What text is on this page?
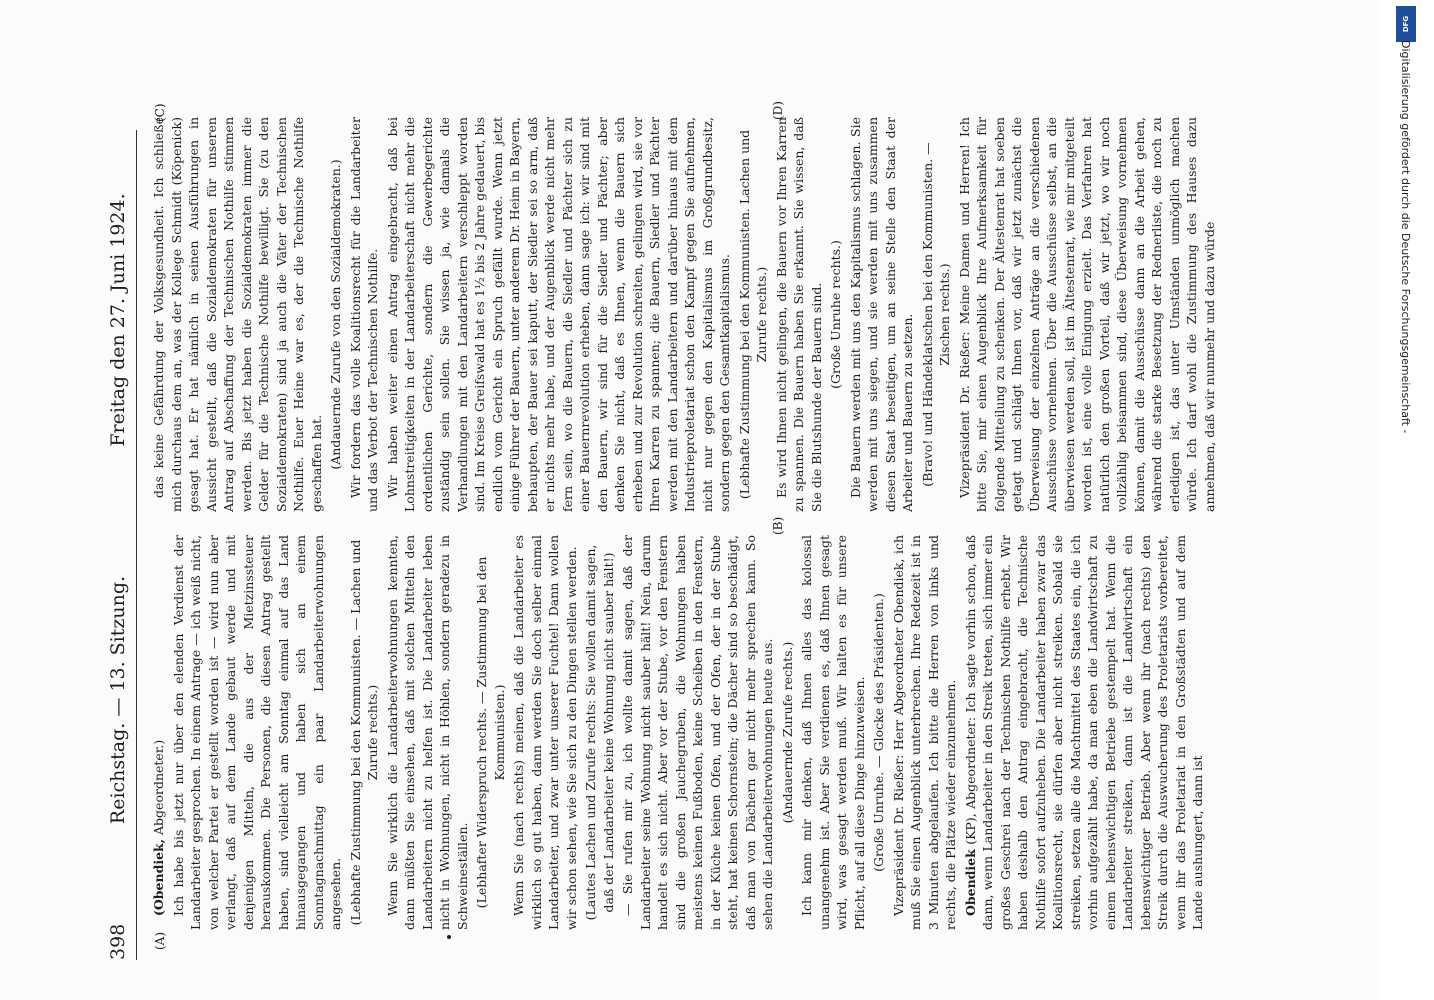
398
Reichstag. — 13. Sitzung.
Freitag den 27. Juni 1924.
(A)
(B)
(C)	(D)

(Obendiek, Abgeordneter.) Ich habe bis jetzt nur über den elenden Verdienst der Landarbeiter gesprochen. In einem Antrage — ich weiß nicht, von welcher Partei er gestellt worden ist — wird nun aber verlangt, daß auf dem Lande gebaut werde und mit denjenigen Mitteln, die aus der Mietzinssteuer herauskommen. Die Personen, die diesen Antrag gestellt haben, sind vielleicht am Sonntag einmal auf das Land hinausgegangen und haben sich an einem Sonntagnachmittag ein paar Landarbeiterwohnungen angesehen. (Lebhafte Zustimmung bei den Kommunisten. — Lachen und Zurufe rechts.) Wenn Sie wirklich die Landarbeiterwohnungen kennten, dann müßten Sie einsehen, daß mit solchen Mitteln den Landarbeitern nicht zu helfen ist. Die Landarbeiter leben nicht in Wohnungen, nicht in Höhlen, sondern geradezu in Schweineställen. (Lebhafter Widerspruch rechts. — Zustimmung bei den Kommunisten.) Wenn Sie (nach rechts) meinen, daß die Landarbeiter es wirklich so gut haben, dann werden Sie doch selber einmal Landarbeiter, und zwar unter unserer Fuchtel! Dann wollen wir schon sehen, wie Sie sich zu den Dingen stellen werden. (Lautes Lachen und Zurufe rechts: Sie wollen damit sagen, daß der Landarbeiter keine Wohnung nicht sauber hält!) — Sie rufen mir zu, ich wollte damit sagen, daß der Landarbeiter seine Wohnung nicht sauber hält! Nein, darum handelt es sich nicht. Aber vor der Stube, vor den Fenstern sind die großen Jauchegruben, die Wohnungen haben meistens keinen Fußboden, keine Scheiben in den Fenstern, in der Küche keinen Ofen, und der Ofen, der in der Stube steht, hat keinen Schornstein; die Dächer sind so beschädigt, daß man von Dächern gar nicht mehr sprechen kann. So sehen die Landarbeiterwohnungen heute aus. (Andauernde Zurufe rechts.) Ich kann mir denken, daß Ihnen alles das kolossal unangenehm ist. Aber Sie verdienen es, daß Ihnen gesagt wird, was gesagt werden muß. Wir halten es für unsere Pflicht, auf all diese Dinge hinzuweisen. (Große Unruhe. — Glocke des Präsidenten.) Vizepräsident Dr. Rießer: Herr Abgeordneter Obendiek, ich muß Sie einen Augenblick unterbrechen. Ihre Redezeit ist in 3 Minuten abgelaufen. Ich bitte die Herren von links und rechts, die Plätze wieder einzunehmen. Obendiek (KP), Abgeordneter: Ich sagte vorhin schon, daß dann, wenn Landarbeiter in den Streik treten, sich immer ein großes Geschrei nach der Technischen Nothilfe erhebt. Wir haben deshalb den Antrag eingebracht, die Technische Nothilfe sofort aufzuheben. Die Landarbeiter haben zwar das Koalitionsrecht, sie dürfen aber nicht streiken. Sobald sie streiken, setzen alle die Machtmittel des Staates ein, die ich vorhin aufgezählt habe, da man eben die Landwirtschaft zu einem lebenswichtigen Betriebe gestempelt hat. Wenn die Landarbeiter streiken, dann ist die Landwirtschaft ein lebenswichtiger Betrieb. Aber wenn ihr (nach rechts) den Streik durch die Auswucherung des Proletariats vorbereitet, wenn ihr das Proletariat in den Großstädten und auf dem Lande aushungert, dann ist

das keine Gefährdung der Volksgesundheit. Ich schließe mich durchaus dem an, was der Kollege Schmidt (Köpenick) gesagt hat. Er hat nämlich in seinen Ausführungen in Aussicht gestellt, daß die Sozialdemokraten für unseren Antrag auf Abschaffung der Technischen Nothilfe stimmen werden. Bis jetzt haben die Sozialdemokraten immer die Gelder für die Technische Nothilfe bewilligt. Sie (zu den Sozialdemokraten) sind ja auch die Väter der Technischen Nothilfe. Euer Heine war es, der die Technische Nothilfe geschaffen hat. (Andauernde Zurufe von den Sozialdemokraten.) Wir fordern das volle Koalitionsrecht für die Landarbeiter und das Verbot der Technischen Nothilfe. Wir haben weiter einen Antrag eingebracht, daß bei Lohnstreitigkeiten in der Landarbeiterschaft nicht mehr die ordentlichen Gerichte, sondern die Gewerbegerichte zuständig sein sollen. Sie wissen ja, wie damals die Verhandlungen mit den Landarbeitern verschleppt worden sind. Im Kreise Greifswald hat es 1½ bis 2 Jahre gedauert, bis endlich vom Gericht ein Spruch gefällt wurde. Wenn jetzt einige Führer der Bauern, unter anderem Dr. Heim in Bayern, behaupten, der Bauer sei kaputt, der Siedler sei so arm, daß er nichts mehr habe, und der Augenblick werde nicht mehr fern sein, wo die Bauern, die Siedler und Pächter sich zu einer Bauernrevolution erheben, dann sage ich: wir sind mit den Bauern, wir sind für die Siedler und Pächter; aber denken Sie nicht, daß es Ihnen, wenn die Bauern sich erheben und zur Revolution schreiten, gelingen wird, sie vor Ihren Karren zu spannen; die Bauern, Siedler und Pächter werden mit den Landarbeitern und darüber hinaus mit dem Industrieproletariat schon den Kampf gegen Sie aufnehmen, nicht nur gegen den Kapitalismus im Großgrundbesitz, sondern gegen den Gesamtkapitalismus. (Lebhafte Zustimmung bei den Kommunisten. Lachen und Zurufe rechts.) Es wird Ihnen nicht gelingen, die Bauern vor Ihren Karren zu spannen. Die Bauern haben Sie erkannt. Sie wissen, daß Sie die Blutshunde der Bauern sind. (Große Unruhe rechts.) Die Bauern werden mit uns den Kapitalismus schlagen. Sie werden mit uns siegen, und sie werden mit uns zusammen diesen Staat beseitigen, um an seine Stelle den Staat der Arbeiter und Bauern zu setzen. (Bravo! und Händeklatschen bei den Kommunisten. — Zischen rechts.) Vizepräsident Dr. Rießer: Meine Damen und Herren! Ich bitte Sie, mir einen Augenblick Ihre Aufmerksamkeit für folgende Mitteilung zu schenken. Der Ältestenrat hat soeben getagt und schlägt Ihnen vor, daß wir jetzt zunächst die Überweisung der einzelnen Anträge an die verschiedenen Ausschüsse vornehmen. Über die Ausschüsse selbst, an die überwiesen werden soll, ist im Ältestenrat, wie mir mitgeteilt worden ist, eine volle Einigung erzielt. Das Verfahren hat natürlich den großen Vorteil, daß wir jetzt, wo wir noch vollzählig beisammen sind, diese Überweisung vornehmen können, damit die Ausschüsse dann an die Arbeit gehen, während die starke Besetzung der Rednerliste, die noch zu erledigen ist, das unter Umständen unmöglich machen würde. Ich darf wohl die Zustimmung des Hauses dazu annehmen, daß wir nunmehr und dazu würde

DFG
Digitalisierung gefördert durch die Deutsche Forschungsgemeinschaft -
